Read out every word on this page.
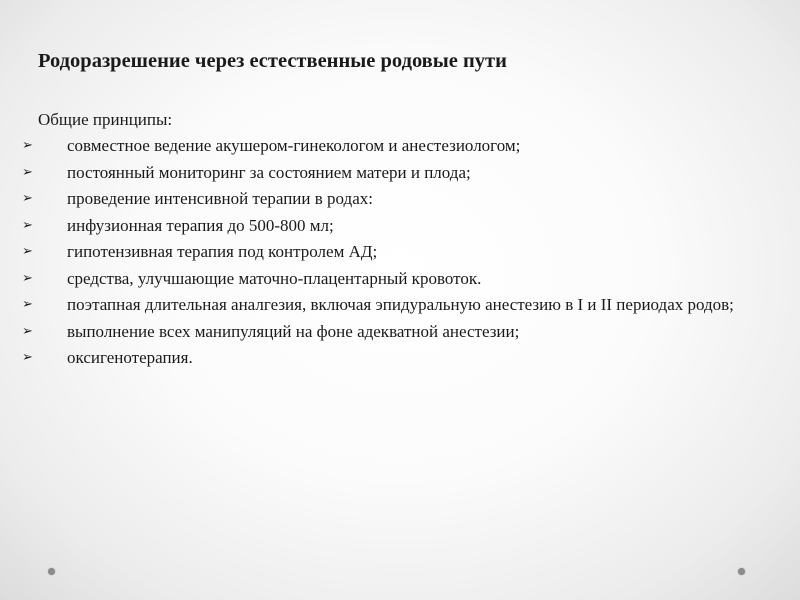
Родоразрешение через естественные родовые пути

Общие принципы:

➢ совместное ведение акушером-гинекологом и анестезиологом;
➢ постоянный мониторинг за состоянием матери и плода;
➢ проведение интенсивной терапии в родах:
➢ инфузионная терапия до 500-800 мл;
➢ гипотензивная терапия под контролем АД;
➢ средства, улучшающие маточно-плацентарный кровоток.
➢ поэтапная длительная аналгезия, включая эпидуральную анестезию в I и II периодах родов;
➢ выполнение всех манипуляций на фоне адекватной анестезии;
➢ оксигенотерапия.
